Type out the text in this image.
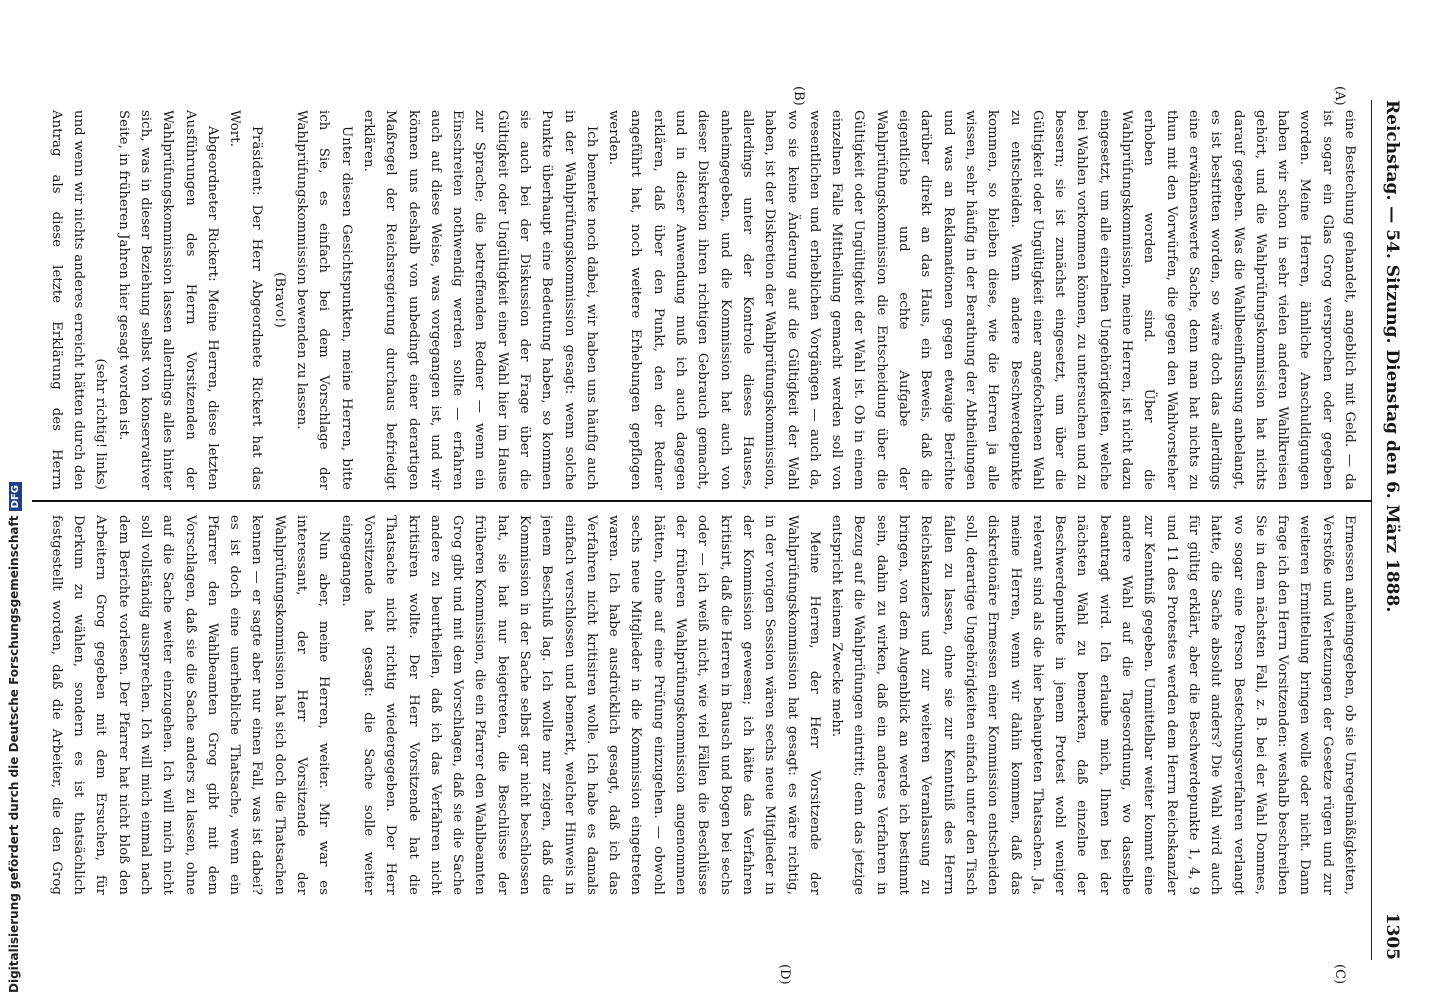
Reichstag. — 54. Sitzung. Dienstag den 6. März 1888.
1305
(A)
(B)
(C)
(D)

eine Bestechung gehandelt, angeblich mit Geld. — da ist sogar ein Glas Grog versprochen oder gegeben worden. Meine Herren, ähnliche Anschuldigungen haben wir schon in sehr vielen anderen Wahlkreisen gehört, und die Wahlprüfungskommission hat nichts darauf gegeben. Was die Wahlbeeinflussung anbelangt, es ist bestritten worden, so wäre doch das allerdings eine erwähnenswerte Sache, denn man hat nichts zu thun mit den Vorwürfen, die gegen den Wahlvorsteher erhoben worden sind. Über die Wahlprüfungskommission, meine Herren, ist nicht dazu eingesetzt, um alle einzelnen Ungehörigkeiten, welche bei Wahlen vorkommen können, zu untersuchen und zu bessern; sie ist zunächst eingesetzt, um über die Gültigkeit oder Ungültigkeit einer angefochtenen Wahl zu entscheiden. Wenn andere Beschwerdepunkte kommen, so bleiben diese, wie die Herren ja alle wissen, sehr häufig in der Berathung der Abtheilungen und was an Reklamationen gegen etwaige Berichte darüber direkt an das Haus, ein Beweis, daß die eigentliche und echte Aufgabe der Wahlprüfungskommission die Entscheidung über die Gültigkeit oder Ungültigkeit der Wahl ist. Ob in einem einzelnen Falle Mittheilung gemacht werden soll von wesentlichen und erheblichen Vorgängen — auch da, wo sie keine Änderung auf die Gültigkeit der Wahl haben, ist der Diskretion der Wahlprüfungskommission, allerdings unter der Kontrole dieses Hauses, anheimgegeben, und die Kommission hat auch von dieser Diskretion ihren richtigen Gebrauch gemacht, und in dieser Anwendung muß ich auch dagegen erklären, daß über den Punkt, den der Redner angeführt hat, noch weitere Erhebungen gepflogen werden.

Ich bemerke noch dabei, wir haben uns häufig auch in der Wahlprüfungskommission gesagt: wenn solche Punkte überhaupt eine Bedeutung haben, so kommen sie auch bei der Diskussion der Frage über die Gültigkeit oder Ungültigkeit einer Wahl hier im Hause zur Sprache; die betreffenden Redner — wenn ein Einschreiten nothwendig werden sollte — erfahren auch auf diese Weise, was vorgegangen ist, und wir können uns deshalb von unbedingt einer derartigen Maßregel der Reichsregierung durchaus befriedigt erklären.

Unter diesen Gesichtspunkten, meine Herren, bitte ich Sie, es einfach bei dem Vorschlage der Wahlprüfungskommission bewenden zu lassen.

(Bravo!)

Präsident: Der Herr Abgeordnete Rickert hat das Wort.

Abgeordneter Rickert: Meine Herren, diese letzten Ausführungen des Herrn Vorsitzenden der Wahlprüfungskommission lassen allerdings alles hinter sich, was in dieser Beziehung selbst von konservativer Seite, in früheren Jahren hier gesagt worden ist.

(sehr richtig! links)

und wenn wir nichts anderes erreicht hätten durch den Antrag als diese letzte Erklärung des Herrn

Ermessen anheimgegeben, ob sie Unregelmäßigkeiten, Verstöße und Verletzungen der Gesetze rügen und zur weiteren Ermittelung bringen wolle oder nicht. Dann frage ich den Herrn Vorsitzenden: weshalb beschreiben Sie in dem nächsten Fall, z. B. bei der Wahl Dommes, wo sogar eine Person Bestechungsverfahren verlangt hatte, die Sache absolut anders? Die Wahl wird auch für gültig erklärt, aber die Beschwerdepunkte 1, 4, 9 und 11 des Protestes werden dem Herrn Reichskanzler zur Kenntniß gegeben. Unmittelbar weiter kommt eine andere Wahl auf die Tagesordnung, wo dasselbe beantragt wird. Ich erlaube mich, Ihnen bei der nächsten Wahl zu bemerken, daß einzelne der Beschwerdepunkte in jenem Protest wohl weniger relevant sind als die hier behaupteten Thatsachen. Ja, meine Herren, wenn wir dahin kommen, daß das diskretionäre Ermessen einer Kommission entscheiden soll, derartige Ungehörigkeiten einfach unter den Tisch fallen zu lassen, ohne sie zur Kenntniß des Herrn Reichskanzlers und zur weiteren Veranlassung zu bringen, von dem Augenblick an werde ich bestimmt sein, dahin zu wirken, daß ein anderes Verfahren in Bezug auf die Wahlprüfungen eintritt; denn das jetzige entspricht keinem Zwecke mehr.

Meine Herren, der Herr Vorsitzende der Wahlprüfungskommission hat gesagt: es wäre richtig, in der vorigen Session wären sechs neue Mitglieder in der Kommission gewesen; ich hätte das Verfahren kritisirt, daß die Herren in Bausch und Bogen bei sechs oder — ich weiß nicht, wie viel Fällen die Beschlüsse der früheren Wahlprüfungskommission angenommen hätten, ohne auf eine Prüfung einzugehen. — obwohl sechs neue Mitglieder in die Kommission eingetreten waren. Ich habe ausdrücklich gesagt, daß ich das Verfahren nicht kritisiren wolle. Ich habe es damals einfach verschlossen und bemerkt, welcher Hinweis in jenem Beschluß lag. Ich wollte nur zeigen, daß die Kommission in der Sache selbst gar nicht beschlossen hat, sie hat nur beigetreten, die Beschlüsse der früheren Kommission, die ein Pfarrer den Wahlbeamten Grog gibt und mit dem Vorschlagen, daß sie die Sache andere zu beurtheilen, daß ich das Verfahren nicht kritisiren wollte. Der Herr Vorsitzende hat die Thatsache nicht richtig wiedergegeben. Der Herr Vorsitzende hat gesagt: die Sache solle weiter eingegangen.

Nun aber, meine Herren, weiter. Mir war es interessant, der Herr Vorsitzende der Wahlprüfungskommission hat sich doch die Thatsachen kennen — er sagte aber nur einen Fall, was ist dabei? es ist doch eine unerhebliche Thatsache, wenn ein Pfarrer den Wahlbeamten Grog gibt mit dem Vorschlagen, daß sie die Sache anders zu lassen, ohne auf die Sache weiter einzugehen. Ich will mich nicht soll vollständig aussprechen. Ich will mich einmal nach dem Berichte vorlesen. Der Pfarrer hat nicht bloß den Arbeitern Grog gegeben mit dem Ersuchen, für Derkum zu wählen, sondern es ist thatsächlich festgestellt worden, daß die Arbeiter, die den Grog

Digitalisierung gefördert durch die Deutsche Forschungsgemeinschaft DFG
